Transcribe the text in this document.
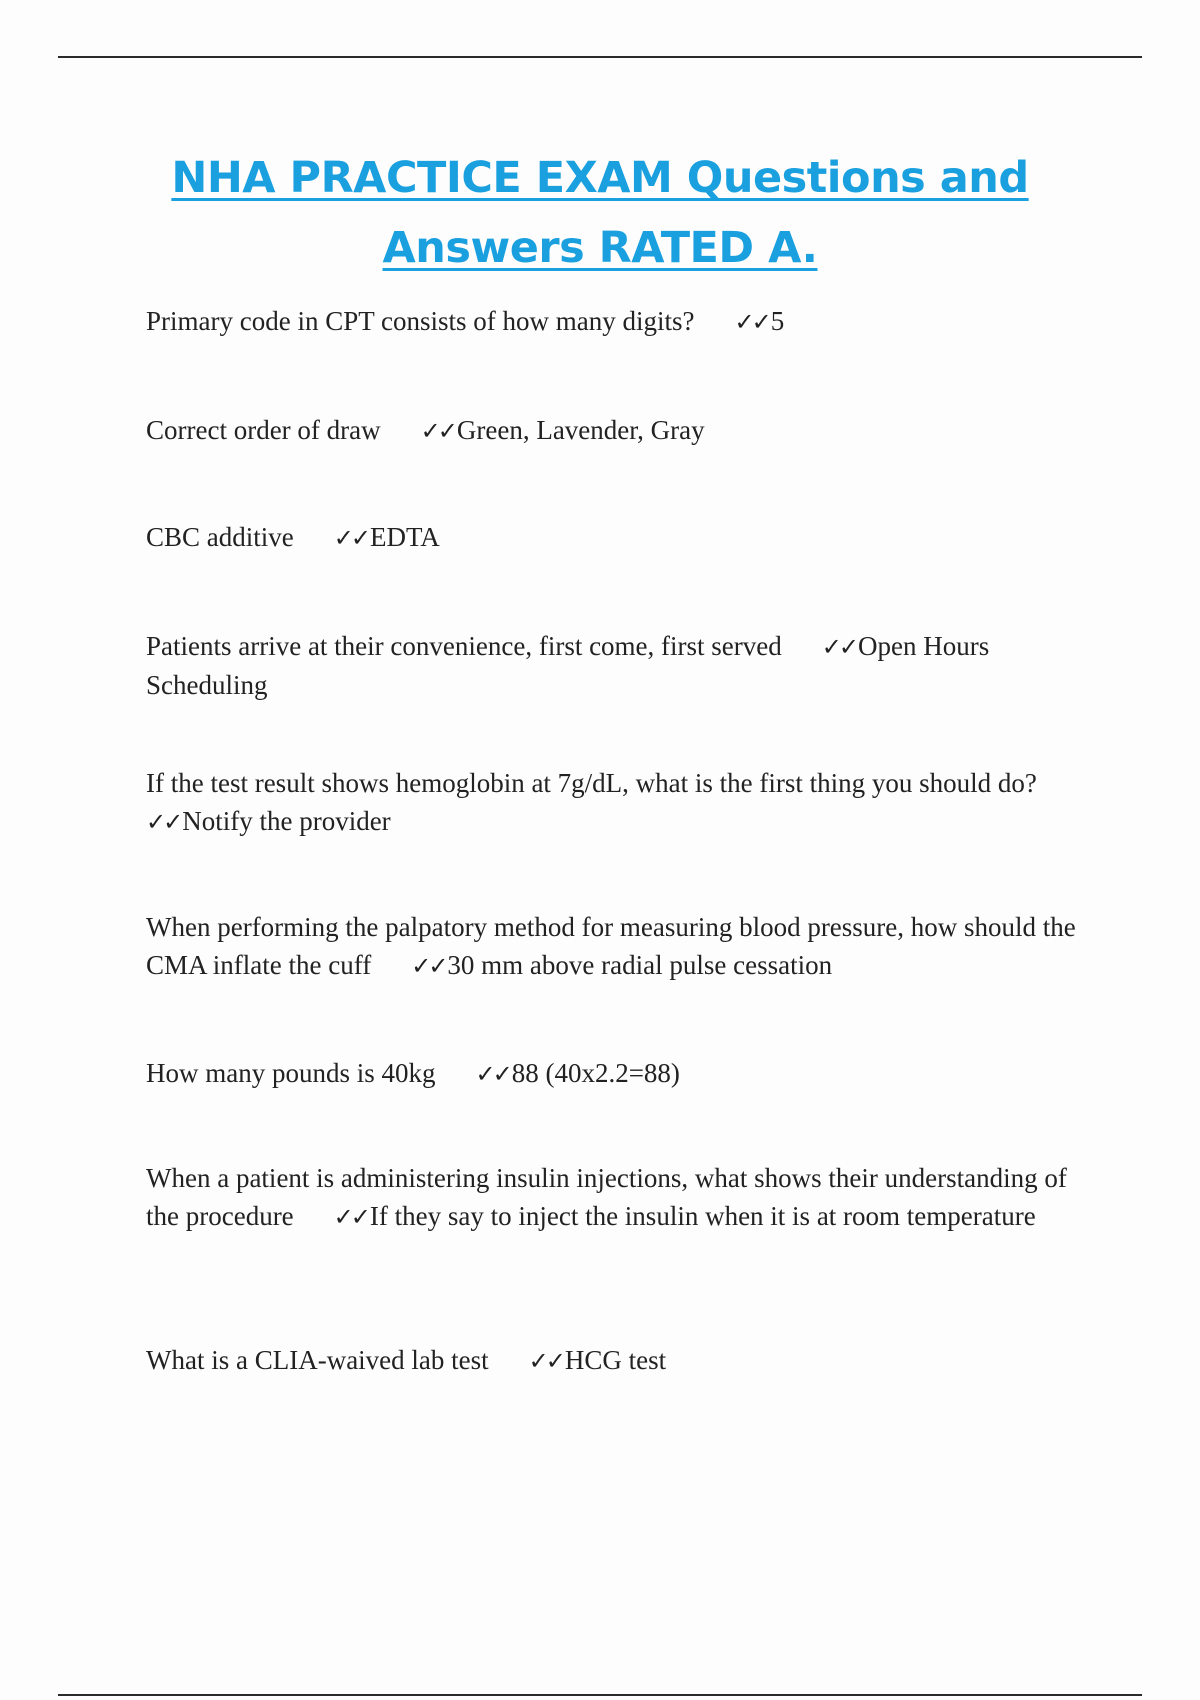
NHA PRACTICE EXAM Questions and
Answers RATED A.

Primary code in CPT consists of how many digits? ✓✓5

Correct order of draw ✓✓Green, Lavender, Gray

CBC additive ✓✓EDTA

Patients arrive at their convenience, first come, first served ✓✓Open Hours Scheduling

If the test result shows hemoglobin at 7g/dL, what is the first thing you should do?✓✓Notify the provider

When performing the palpatory method for measuring blood pressure, how should the CMA inflate the cuff ✓✓30 mm above radial pulse cessation

How many pounds is 40kg ✓✓88 (40x2.2=88)

When a patient is administering insulin injections, what shows their understanding of the procedure ✓✓If they say to inject the insulin when it is at room temperature

What is a CLIA-waived lab test ✓✓HCG test
